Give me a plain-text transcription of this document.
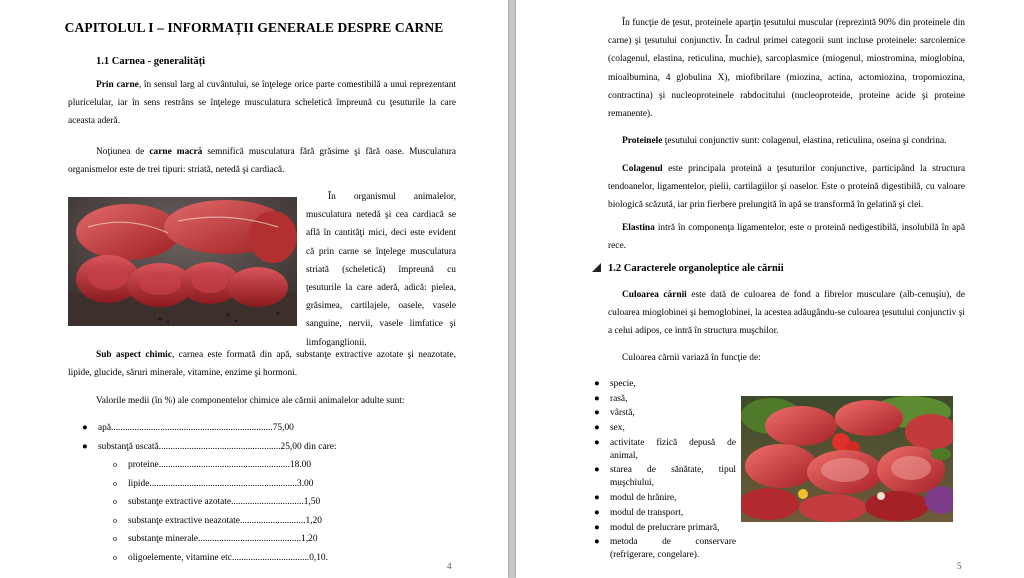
CAPITOLUL I – INFORMAȚII GENERALE DESPRE CARNE
1.1 Carnea - generalități
Prin carne, în sensul larg al cuvântului, se înţelege orice parte comestibilă a unui reprezentant pluricelular, iar în sens restrâns se înţelege musculatura scheletică împreună cu ţesuturile la care aceasta aderă.
Noţiunea de carne macră semnifică musculatura fără grăsime şi fără oase. Musculatura organismelor este de trei tipuri: striată, netedă şi cardiacă.
În organismul animalelor, musculatura netedă şi cea cardiacă se află în cantităţi mici, deci este evident că prin carne se înţelege musculatura striată (scheletică) împreună cu ţesuturile la care aderă, adică: pielea, grăsimea, cartilajele, oasele, vasele sanguine, nervii, vasele limfatice şi limfoganglionii.
Sub aspect chimic, carnea este formată din apă, substanţe extractive azotate şi neazotate, lipide, glucide, săruri minerale, vitamine, enzime şi hormoni.
Valorile medii (în %) ale componentelor chimice ale cărnii animalelor adulte sunt:
● apă.....................................................................75,00
● substanţă uscată....................................................25,00 din care:
o proteine........................................................18.00
o lipide...............................................................3.00
o substanţe extractive azotate...............................1,50
o substanţe extractive neazotate............................1,20
o substanţe minerale............................................1,20
o oligoelemente, vitamine etc.................................0,10.
4
În funcţie de ţesut, proteinele aparţin ţesutului muscular (reprezintă 90% din proteinele din carne) şi ţesutului conjunctiv. În cadrul primei categorii sunt incluse proteinele: sarcolemice (colagenul, elastina, reticulina, muchie), sarcoplasmice (miogenul, miostromina, mioglobina, mioalbumina, 4 globulina X), miofibrilare (miozina, actina, actomiozina, tropomiozina, contractina) şi nucleoproteinele rabdocitului (nucleoproteide, proteine acide şi proteine remanente).
Proteinele ţesutului conjunctiv sunt: colagenul, elastina, reticulina, oseina şi condrina.
Colagenul este principala proteină a ţesuturilor conjunctive, participând la structura tendoanelor, ligamentelor, pielii, cartilagiilor şi oaselor. Este o proteină digestibilă, cu valoare biologică scăzută, iar prin fierbere prelungită în apă se transformă în gelatină şi clei.
Elastina intră în componenţa ligamentelor, este o proteină nedigestibilă, insolubilă în apă rece.
1.2 Caracterele organoleptice ale cărnii
Culoarea cărnii este dată de culoarea de fond a fibrelor musculare (alb-cenuşiu), de culoarea mioglobinei şi hemoglobinei, la acestea adăugându-se culoarea ţesutului conjunctiv şi a celui adipos, ce intră în structura muşchilor.
Culoarea cărnii variază în funcţie de:
● specie,
● rasă,
● vârstă,
● sex,
● activitate fizică depusă de animal,
● starea de sănătate, tipul muşchiului,
● modul de hrănire,
● modul de transport,
● modul de prelucrare primară,
● metoda de conservare (refrigerare, congelare).
5
